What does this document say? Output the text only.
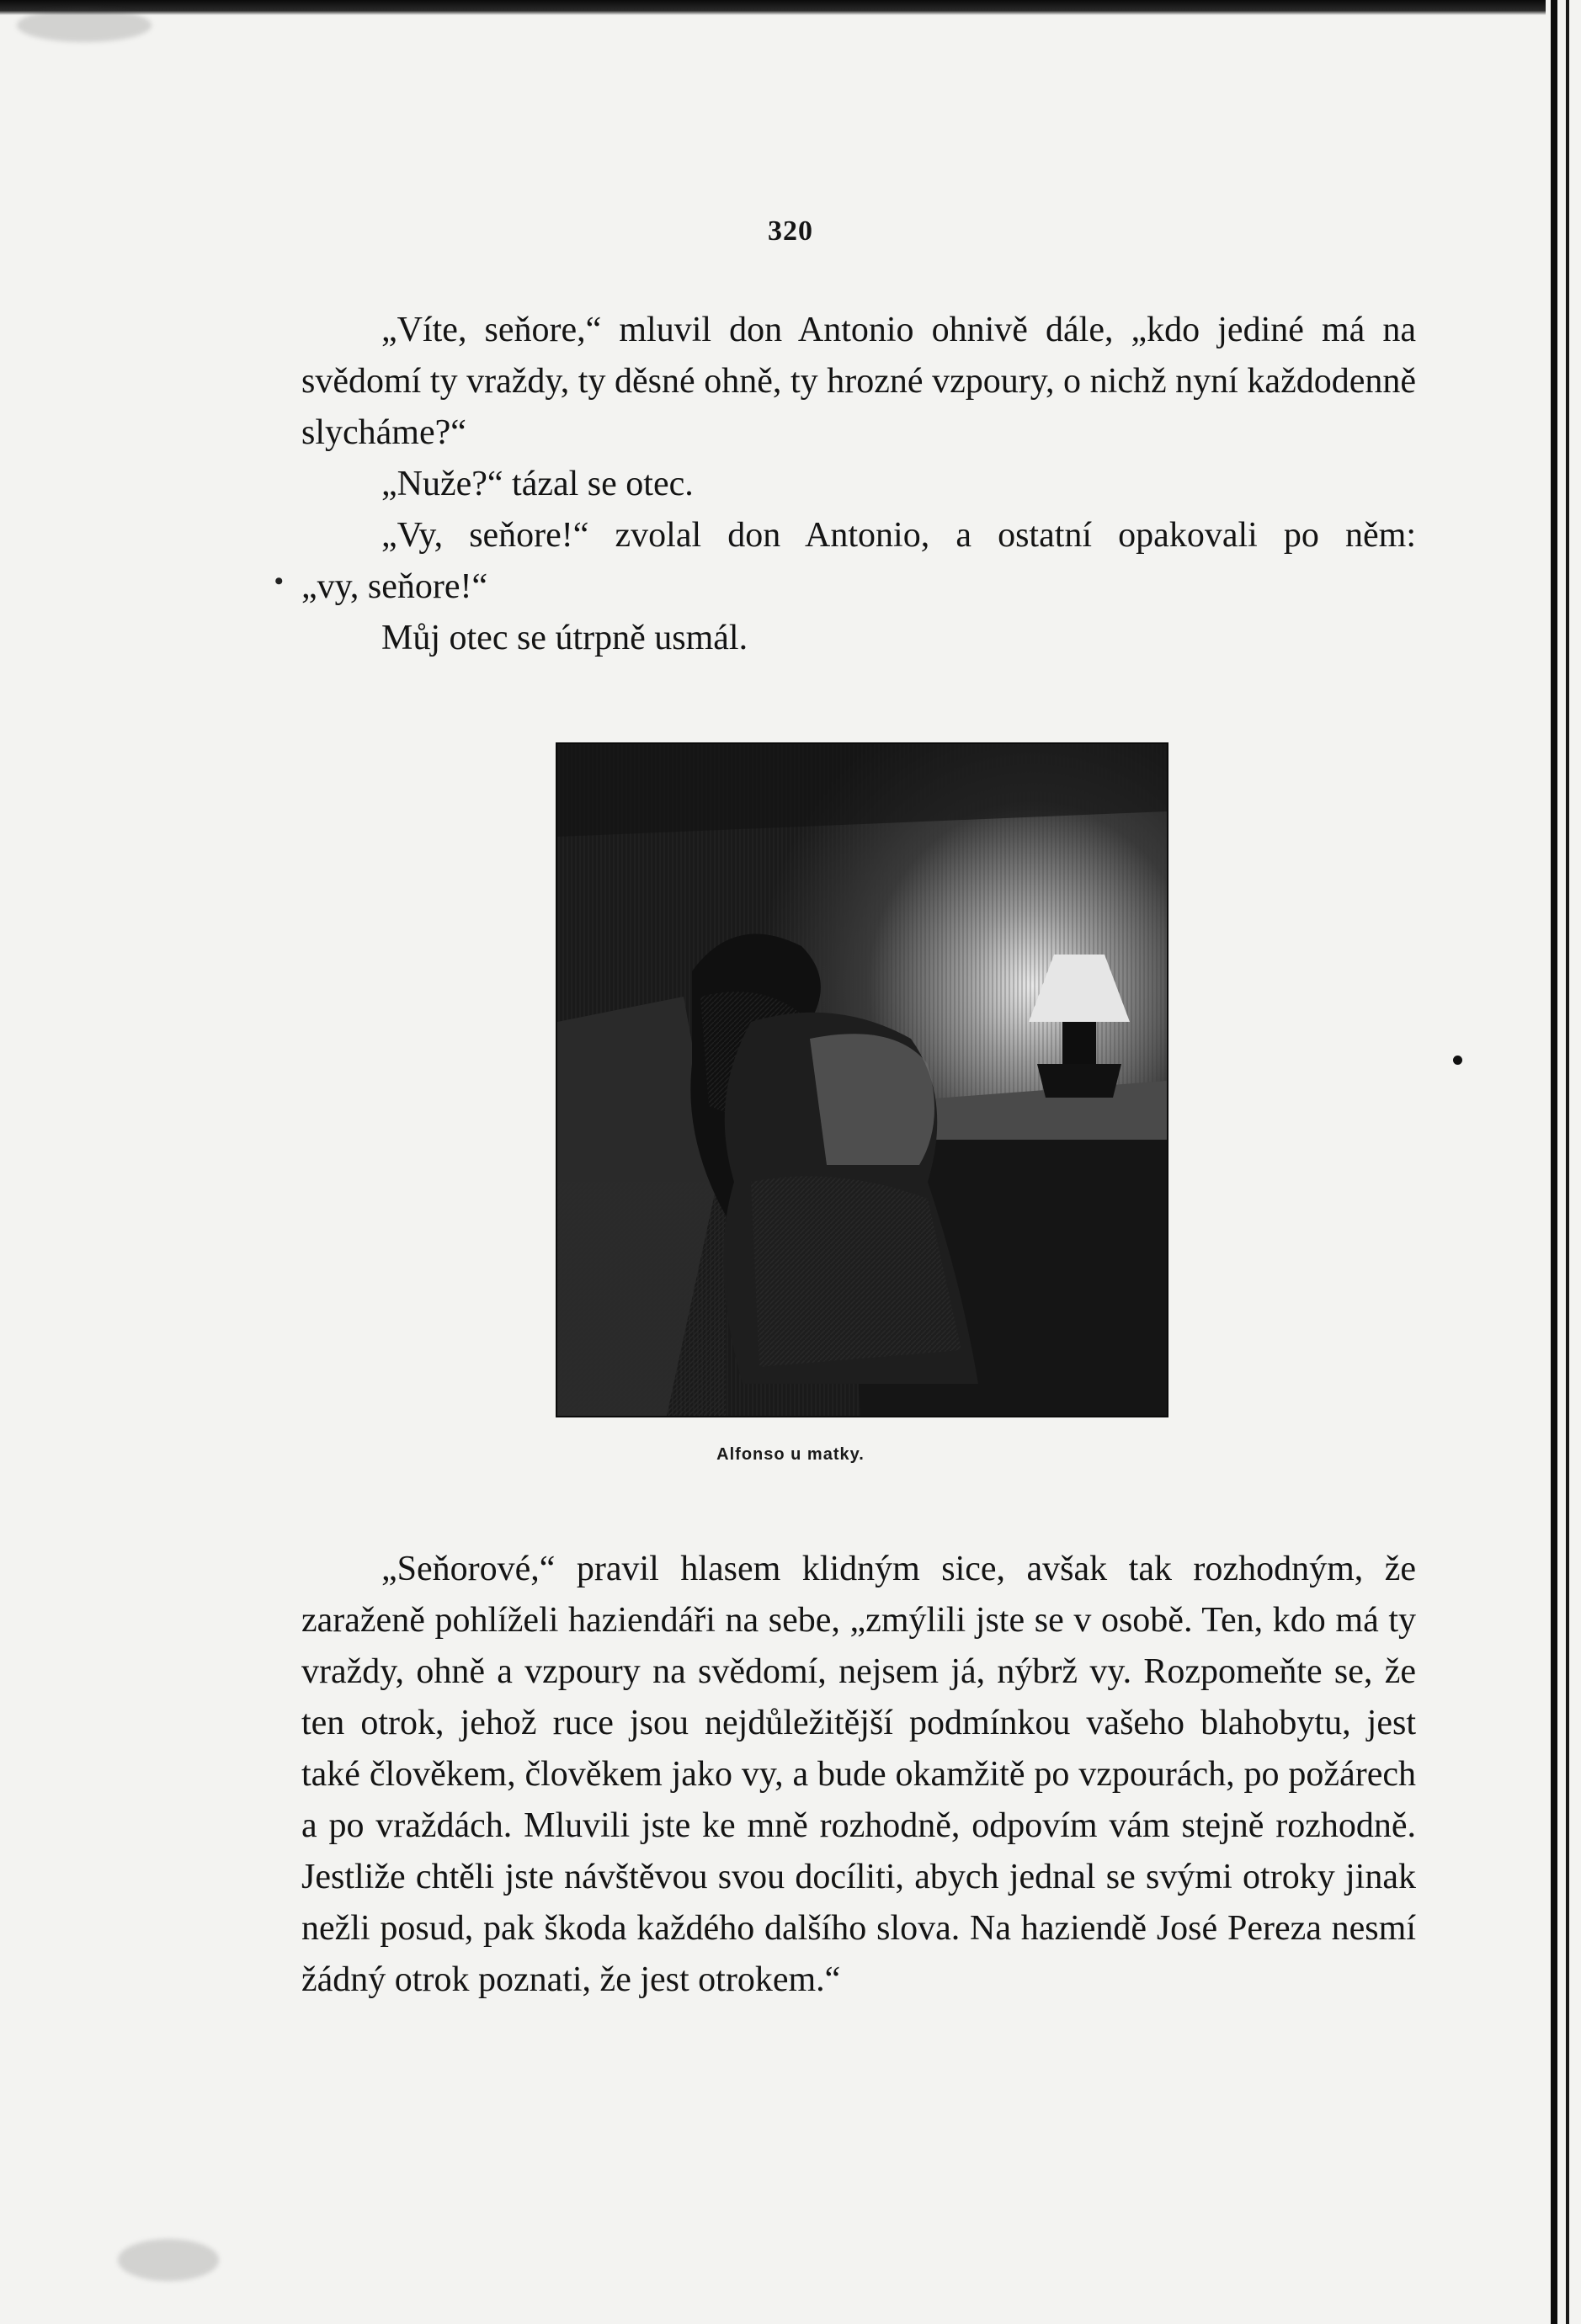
320

„Víte, seňore,“ mluvil don Antonio ohnivě dále, „kdo jediné má na svědomí ty vraždy, ty děsné ohně, ty hrozné vzpoury, o nichž nyní každodenně slycháme?“

„Nuže?“ tázal se otec.

„Vy, seňore!“ zvolal don Antonio, a ostatní opakovali po něm:

„vy, seňore!“

Můj otec se útrpně usmál.

•
Alfonso u matky.

„Seňorové,“ pravil hlasem klidným sice, avšak tak rozhodným, že zaraženě pohlíželi haziendáři na sebe, „zmýlili jste se v osobě. Ten, kdo má ty vraždy, ohně a vzpoury na svědomí, nejsem já, nýbrž vy. Rozpomeňte se, že ten otrok, jehož ruce jsou nejdůležitější podmínkou vašeho blahobytu, jest také člověkem, člověkem jako vy, a bude okamžitě po vzpourách, po požárech a po vraždách. Mluvili jste ke mně rozhodně, odpovím vám stejně rozhodně. Jestliže chtěli jste návštěvou svou docíliti, abych jednal se svými otroky jinak nežli posud, pak škoda každého dalšího slova. Na haziendě José Pereza nesmí žádný otrok poznati, že jest otrokem.“
